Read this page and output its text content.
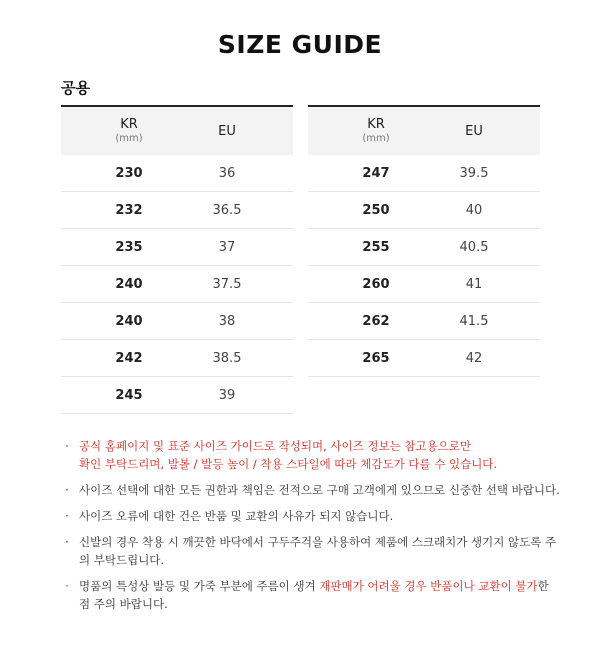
SIZE GUIDE
공용
KR
(mm)	EU
230	36
232	36.5
235	37
240	37.5
240	38
242	38.5
245	39
KR
(mm)	EU
247	39.5
250	40
255	40.5
260	41
262	41.5
265	42
· 공식 홈페이지 및 표준 사이즈 가이드로 작성되며, 사이즈 정보는 참고용으로만
확인 부탁드리며, 발볼 / 발등 높이 / 착용 스타일에 따라 체감도가 다를 수 있습니다.
· 사이즈 선택에 대한 모든 권한과 책임은 전적으로 구매 고객에게 있으므로 신중한 선택 바랍니다.
· 사이즈 오류에 대한 건은 반품 및 교환의 사유가 되지 않습니다.
· 신발의 경우 착용 시 깨끗한 바닥에서 구두주걱을 사용하여 제품에 스크래치가 생기지 않도록 주의 부탁드립니다.
· 명품의 특성상 발등 및 가죽 부분에 주름이 생겨 재판매가 어려울 경우 반품이나 교환이 불가한 점 주의 바랍니다.
